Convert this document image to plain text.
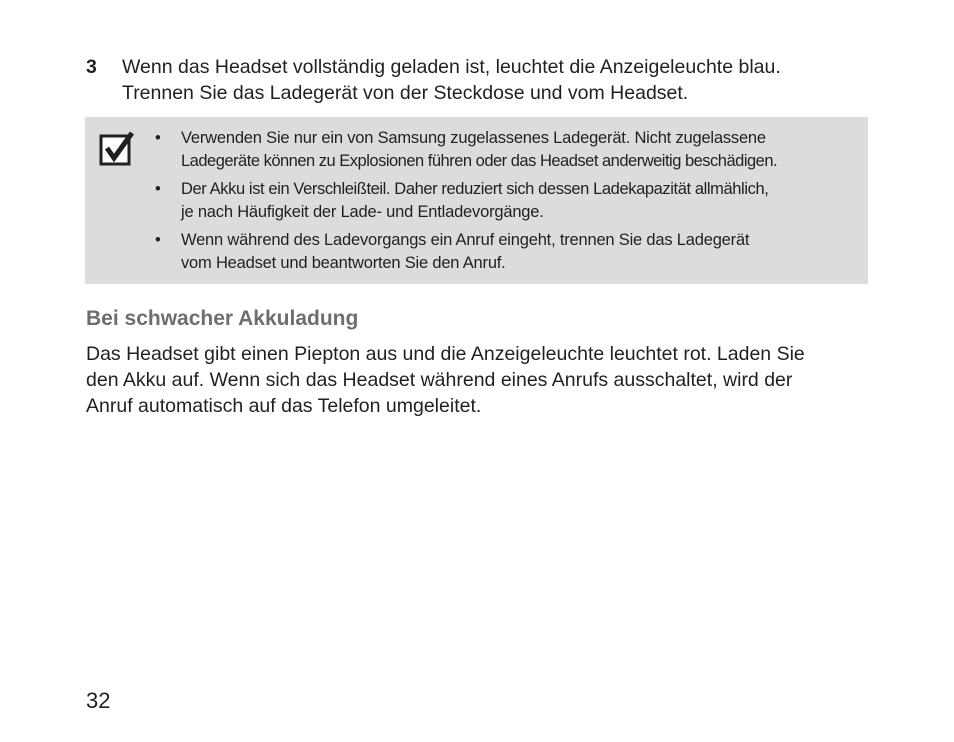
3 Wenn das Headset vollständig geladen ist, leuchtet die Anzeigeleuchte blau.
Trennen Sie das Ladegerät von der Steckdose und vom Headset.
• Verwenden Sie nur ein von Samsung zugelassenes Ladegerät. Nicht zugelassene
Ladegeräte können zu Explosionen führen oder das Headset anderweitig beschädigen.
• Der Akku ist ein Verschleißteil. Daher reduziert sich dessen Ladekapazität allmählich,
je nach Häufigkeit der Lade- und Entladevorgänge.
• Wenn während des Ladevorgangs ein Anruf eingeht, trennen Sie das Ladegerät
vom Headset und beantworten Sie den Anruf.
Bei schwacher Akkuladung
Das Headset gibt einen Piepton aus und die Anzeigeleuchte leuchtet rot. Laden Sie
den Akku auf. Wenn sich das Headset während eines Anrufs ausschaltet, wird der
Anruf automatisch auf das Telefon umgeleitet.
32
